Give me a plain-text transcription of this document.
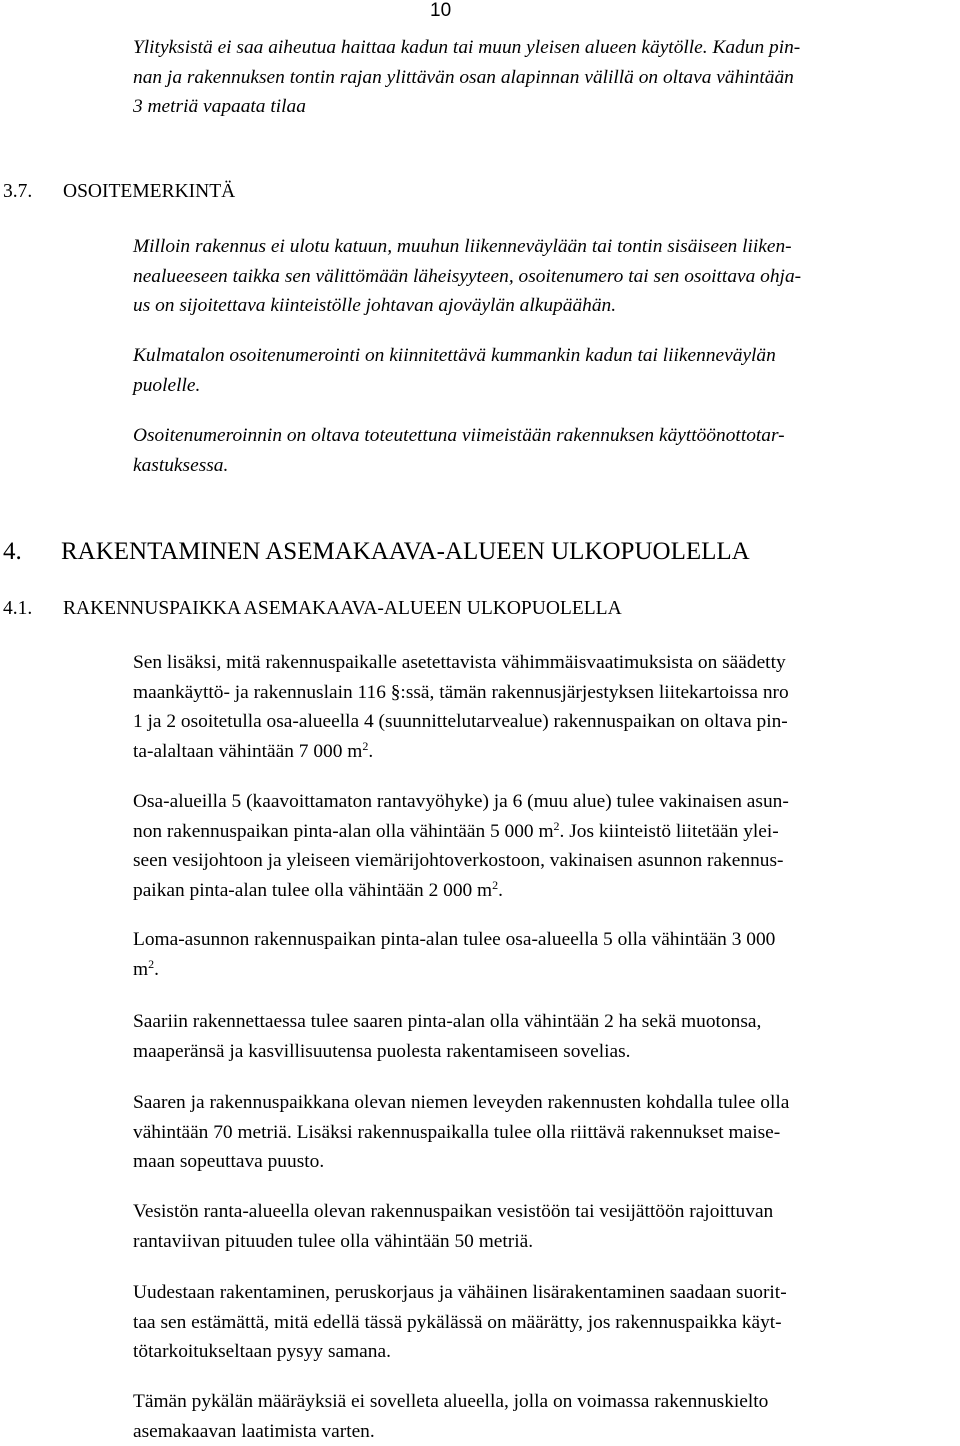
10

Ylityksistä ei saa aiheutua haittaa kadun tai muun yleisen alueen käytölle. Kadun pin-

nan ja rakennuksen tontin rajan ylittävän osan alapinnan välillä on oltava vähintään

3 metriä vapaata tilaa

3.7. OSOITEMERKINTÄ

Milloin rakennus ei ulotu katuun, muuhun liikenneväylään tai tontin sisäiseen liiken-

nealueeseen taikka sen välittömään läheisyyteen, osoitenumero tai sen osoittava ohja-

us on sijoitettava kiinteistölle johtavan ajoväylän alkupäähän.

Kulmatalon osoitenumerointi on kiinnitettävä kummankin kadun tai liikenneväylän

puolelle.

Osoitenumeroinnin on oltava toteutettuna viimeistään rakennuksen käyttöönottotar-

kastuksessa.

4. RAKENTAMINEN ASEMAKAAVA-ALUEEN ULKOPUOLELLA
4.1. RAKENNUSPAIKKA ASEMAKAAVA-ALUEEN ULKOPUOLELLA

Sen lisäksi, mitä rakennuspaikalle asetettavista vähimmäisvaatimuksista on säädetty

maankäyttö- ja rakennuslain 116 §:ssä, tämän rakennusjärjestyksen liitekartoissa nro

1 ja 2 osoitetulla osa-alueella 4 (suunnittelutarvealue) rakennuspaikan on oltava pin-

ta-alaltaan vähintään 7 000 $m^2$.

Osa-alueilla 5 (kaavoittamaton rantavyöhyke) ja 6 (muu alue) tulee vakinaisen asun-

non rakennuspaikan pinta-alan olla vähintään 5 000 $m^2$. Jos kiinteistö liitetään ylei-

seen vesijohtoon ja yleiseen viemärijohtoverkostoon, vakinaisen asunnon rakennus-

paikan pinta-alan tulee olla vähintään 2 000 $m^2$.

Loma-asunnon rakennuspaikan pinta-alan tulee osa-alueella 5 olla vähintään 3 000

$m^2$.

Saariin rakennettaessa tulee saaren pinta-alan olla vähintään 2 ha sekä muotonsa,

maaperänsä ja kasvillisuutensa puolesta rakentamiseen sovelias.

Saaren ja rakennuspaikkana olevan niemen leveyden rakennusten kohdalla tulee olla

vähintään 70 metriä. Lisäksi rakennuspaikalla tulee olla riittävä rakennukset maise-

maan sopeuttava puusto.

Vesistön ranta-alueella olevan rakennuspaikan vesistöön tai vesijättöön rajoittuvan

rantaviivan pituuden tulee olla vähintään 50 metriä.

Uudestaan rakentaminen, peruskorjaus ja vähäinen lisärakentaminen saadaan suorit-

taa sen estämättä, mitä edellä tässä pykälässä on määrätty, jos rakennuspaikka käyt-

tötarkoitukseltaan pysyy samana.

Tämän pykälän määräyksiä ei sovelleta alueella, jolla on voimassa rakennuskielto

asemakaavan laatimista varten.
